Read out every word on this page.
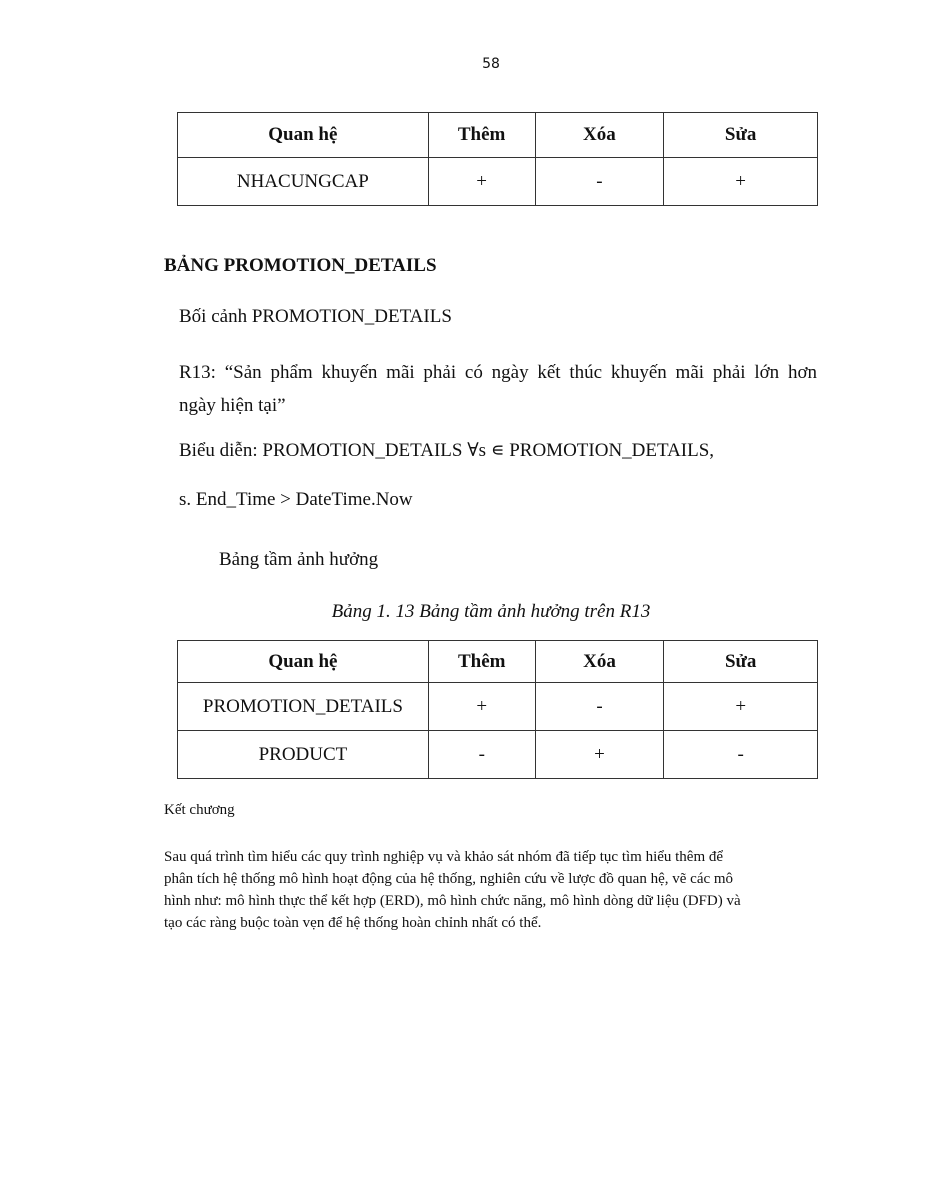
58
Quan hệ	Thêm	Xóa	Sửa
NHACUNGCAP	+	-	+
BẢNG PROMOTION_DETAILS
Bối cảnh PROMOTION_DETAILS
R13: “Sản phẩm khuyến mãi phải có ngày kết thúc khuyến mãi phải lớn hơn
ngày hiện tại”
Biểu diễn: PROMOTION_DETAILS ∀s ∊ PROMOTION_DETAILS,
s. End_Time > DateTime.Now
Bảng tầm ảnh hưởng
Bảng 1. 13 Bảng tầm ảnh hưởng trên R13
Quan hệ	Thêm	Xóa	Sửa
PROMOTION_DETAILS	+	-	+
PRODUCT	-	+	-
Kết chương
Sau quá trình tìm hiểu các quy trình nghiệp vụ và khảo sát nhóm đã tiếp tục tìm hiểu thêm để
phân tích hệ thống mô hình hoạt động của hệ thống, nghiên cứu về lược đồ quan hệ, vẽ các mô
hình như: mô hình thực thể kết hợp (ERD), mô hình chức năng, mô hình dòng dữ liệu (DFD) và
tạo các ràng buộc toàn vẹn để hệ thống hoàn chỉnh nhất có thể.
